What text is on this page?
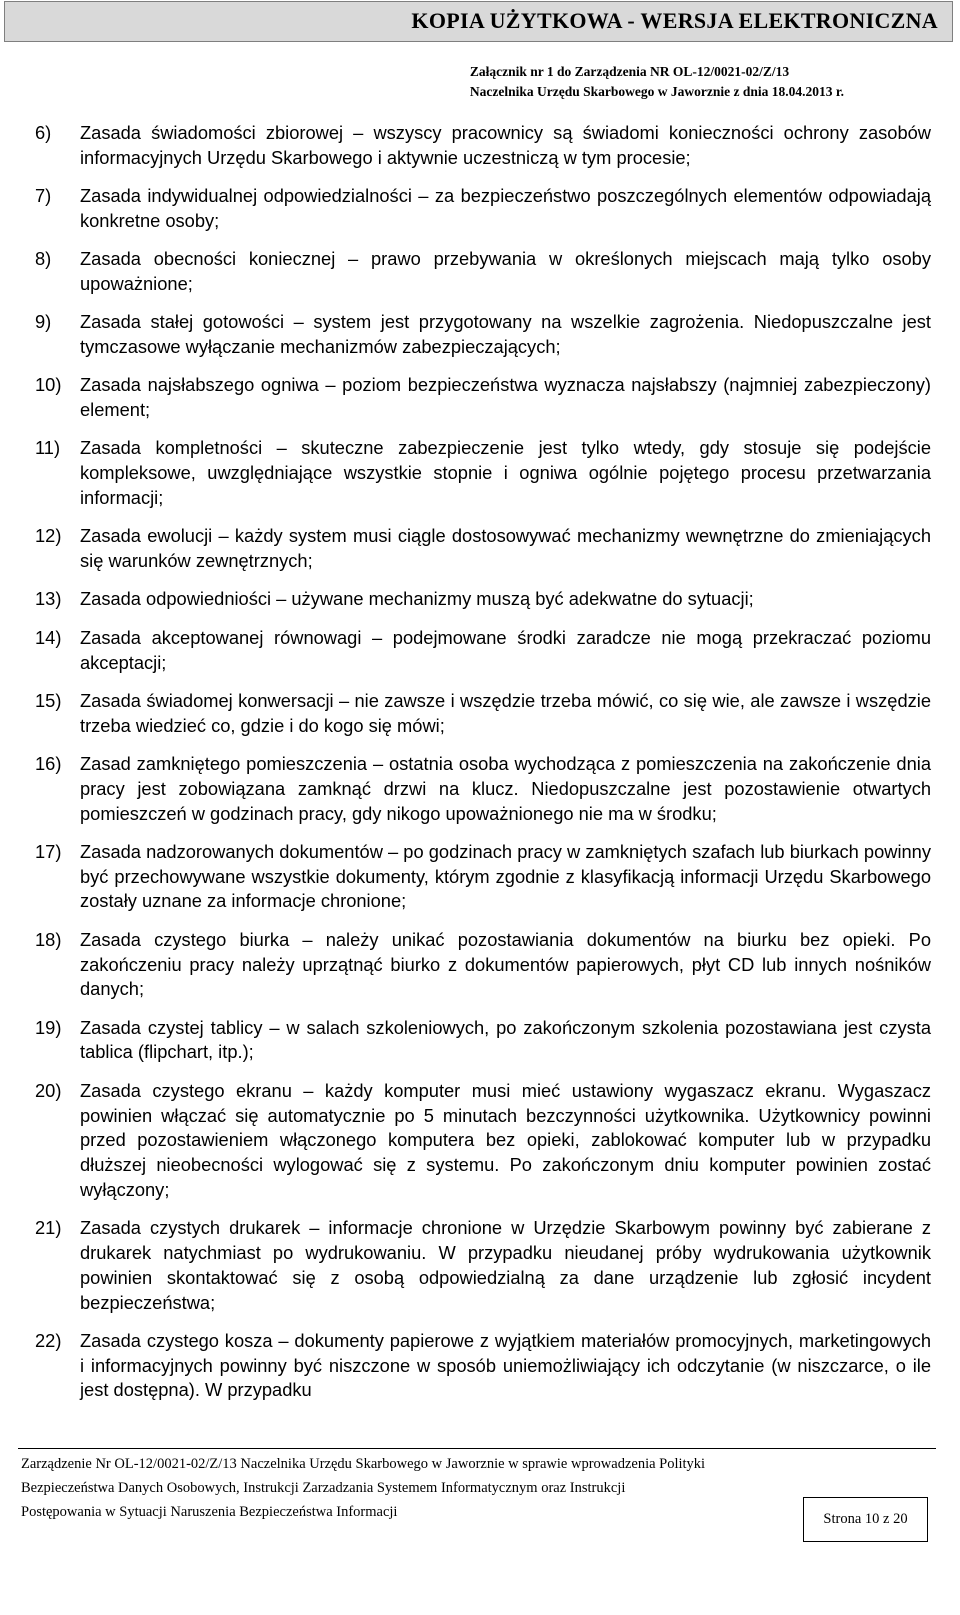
KOPIA UŻYTKOWA - WERSJA ELEKTRONICZNA
Załącznik nr 1 do Zarządzenia NR OL-12/0021-02/Z/13
Naczelnika Urzędu Skarbowego w Jaworznie z dnia 18.04.2013 r.
6)	Zasada świadomości zbiorowej – wszyscy pracownicy są świadomi konieczności ochrony zasobów informacyjnych Urzędu Skarbowego i aktywnie uczestniczą w tym procesie;
7)	Zasada indywidualnej odpowiedzialności – za bezpieczeństwo poszczególnych elementów odpowiadają konkretne osoby;
8)	Zasada obecności koniecznej – prawo przebywania w określonych miejscach mają tylko osoby upoważnione;
9)	Zasada stałej gotowości – system jest przygotowany na wszelkie zagrożenia. Niedopuszczalne jest tymczasowe wyłączanie mechanizmów zabezpieczających;
10)	Zasada najsłabszego ogniwa – poziom bezpieczeństwa wyznacza najsłabszy (najmniej zabezpieczony) element;
11)	Zasada kompletności – skuteczne zabezpieczenie jest tylko wtedy, gdy stosuje się podejście kompleksowe, uwzględniające wszystkie stopnie i ogniwa ogólnie pojętego procesu przetwarzania informacji;
12)	Zasada ewolucji – każdy system musi ciągle dostosowywać mechanizmy wewnętrzne do zmieniających się warunków zewnętrznych;
13)	Zasada odpowiedniości – używane mechanizmy muszą być adekwatne do sytuacji;
14)	Zasada akceptowanej równowagi – podejmowane środki zaradcze nie mogą przekraczać poziomu akceptacji;
15)	Zasada świadomej konwersacji – nie zawsze i wszędzie trzeba mówić, co się wie, ale zawsze i wszędzie trzeba wiedzieć co, gdzie i do kogo się mówi;
16)	Zasad zamkniętego pomieszczenia – ostatnia osoba wychodząca z pomieszczenia na zakończenie dnia pracy jest zobowiązana zamknąć drzwi na klucz. Niedopuszczalne jest pozostawienie otwartych pomieszczeń w godzinach pracy, gdy nikogo upoważnionego nie ma w środku;
17)	Zasada nadzorowanych dokumentów – po godzinach pracy w zamkniętych szafach lub biurkach powinny być przechowywane wszystkie dokumenty, którym zgodnie z klasyfikacją informacji Urzędu Skarbowego zostały uznane za informacje chronione;
18)	Zasada czystego biurka – należy unikać pozostawiania dokumentów na biurku bez opieki. Po zakończeniu pracy należy uprzątnąć biurko z dokumentów papierowych, płyt CD lub innych nośników danych;
19)	Zasada czystej tablicy – w salach szkoleniowych, po zakończonym szkolenia pozostawiana jest czysta tablica (flipchart, itp.);
20)	Zasada czystego ekranu – każdy komputer musi mieć ustawiony wygaszacz ekranu. Wygaszacz powinien włączać się automatycznie po 5 minutach bezczynności użytkownika. Użytkownicy powinni przed pozostawieniem włączonego komputera bez opieki, zablokować komputer lub w przypadku dłuższej nieobecności wylogować się z systemu. Po zakończonym dniu komputer powinien zostać wyłączony;
21)	Zasada czystych drukarek – informacje chronione w Urzędzie Skarbowym powinny być zabierane z drukarek natychmiast po wydrukowaniu. W przypadku nieudanej próby wydrukowania użytkownik powinien skontaktować się z osobą odpowiedzialną za dane urządzenie lub zgłosić incydent bezpieczeństwa;
22)	Zasada czystego kosza – dokumenty papierowe z wyjątkiem materiałów promocyjnych, marketingowych i informacyjnych powinny być niszczone w sposób uniemożliwiający ich odczytanie (w niszczarce, o ile jest dostępna). W przypadku
Zarządzenie Nr OL-12/0021-02/Z/13 Naczelnika Urzędu Skarbowego w Jaworznie w sprawie wprowadzenia Polityki
Bezpieczeństwa Danych Osobowych, Instrukcji Zarzadzania Systemem Informatycznym oraz Instrukcji
Postępowania w Sytuacji Naruszenia Bezpieczeństwa Informacji	Strona 10 z 20
